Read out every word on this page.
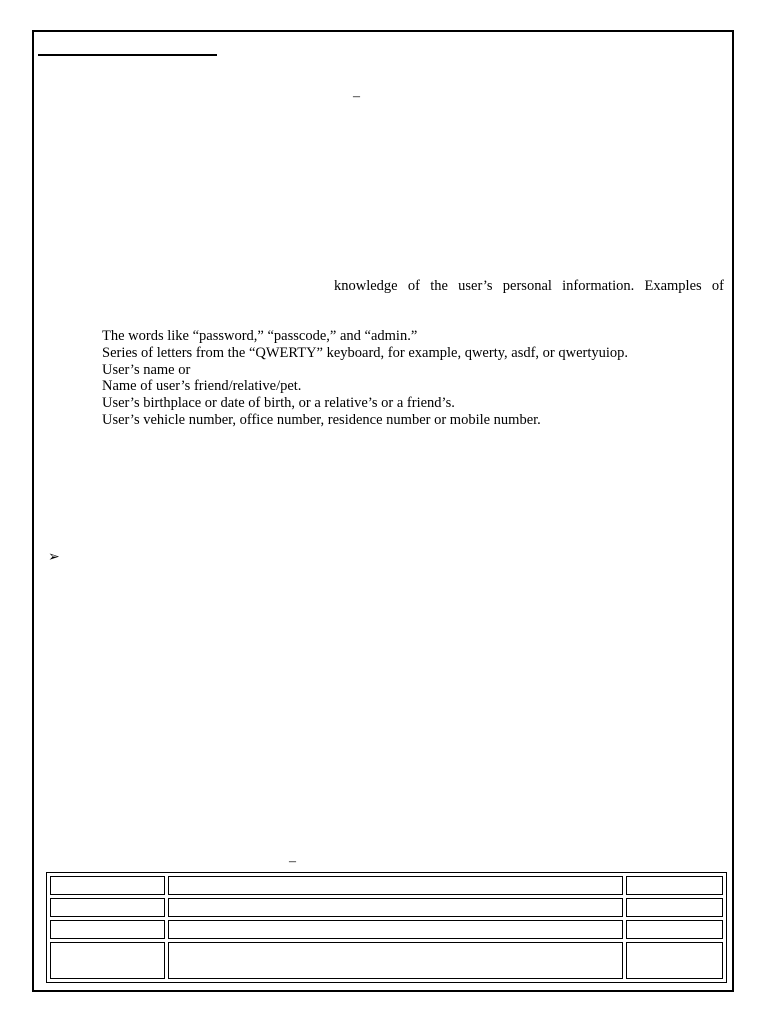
–
knowledge of the user’s personal information. Examples of
The words like “password,” “passcode,” and “admin.”
Series of letters from the “QWERTY” keyboard, for example, qwerty, asdf, or qwertyuiop.
User’s name or
Name of user’s friend/relative/pet.
User’s birthplace or date of birth, or a relative’s or a friend’s.
User’s vehicle number, office number, residence number or mobile number.
➢
–
